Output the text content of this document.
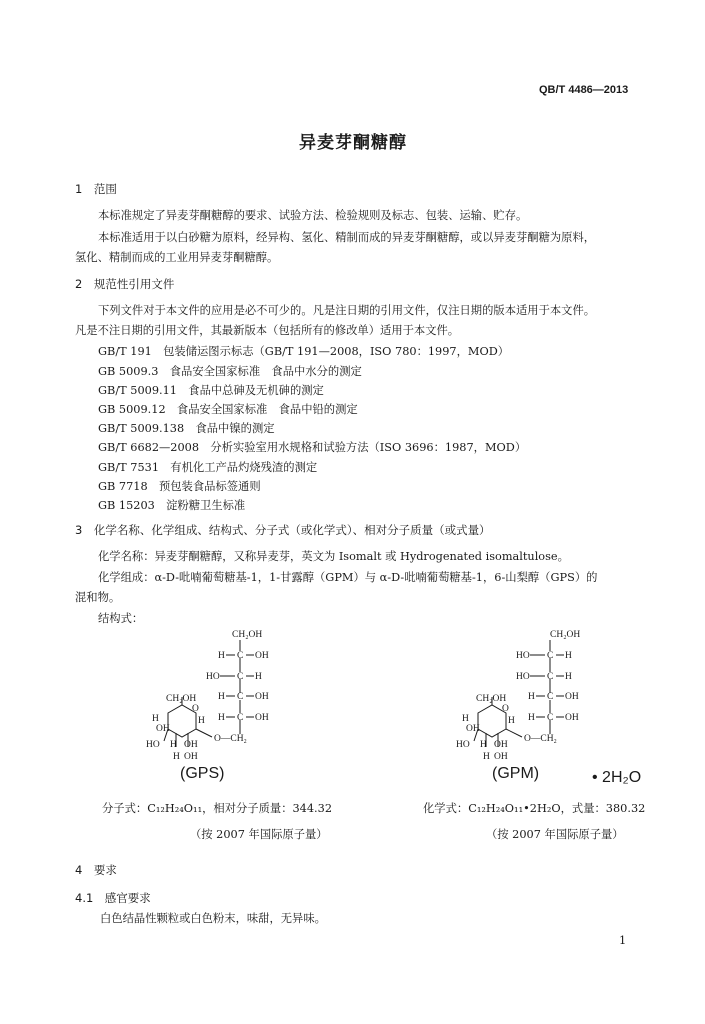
QB/T 4486—2013
异麦芽酮糖醇
1　范围
本标准规定了异麦芽酮糖醇的要求、试验方法、检验规则及标志、包装、运输、贮存。
本标准适用于以白砂糖为原料，经异构、氢化、精制而成的异麦芽酮糖醇，或以异麦芽酮糖为原料，
氢化、精制而成的工业用异麦芽酮糖醇。
2　规范性引用文件
下列文件对于本文件的应用是必不可少的。凡是注日期的引用文件，仅注日期的版本适用于本文件。
凡是不注日期的引用文件，其最新版本（包括所有的修改单）适用于本文件。
GB/T 191　包装储运图示标志（GB/T 191—2008，ISO 780：1997，MOD）
GB 5009.3　食品安全国家标准　食品中水分的测定
GB/T 5009.11　食品中总砷及无机砷的测定
GB 5009.12　食品安全国家标准　食品中铅的测定
GB/T 5009.138　食品中镍的测定
GB/T 6682—2008　分析实验室用水规格和试验方法（ISO 3696：1987，MOD）
GB/T 7531　有机化工产品灼烧残渣的测定
GB 7718　预包装食品标签通则
GB 15203　淀粉糖卫生标准
3　化学名称、化学组成、结构式、分子式（或化学式）、相对分子质量（或式量）
化学名称：异麦芽酮糖醇，又称异麦芽，英文为 Isomalt 或 Hydrogenated isomaltulose。
化学组成：α-D-吡喃葡萄糖基-1，1-甘露醇（GPM）与 α-D-吡喃葡萄糖基-1，6-山梨醇（GPS）的
混和物。
结构式：
CH₂OH
H C OH
HO C H
H C OH
H C OH
CH₂OH
O
H
OH
H
O—CH₂
HO H OH
H OH
(GPS)
CH₂OH
HO C H
HO C H
H C OH
H C OH
CH₂OH
O
H
OH
H
O—CH₂
HO H OH
H OH
(GPM)	• 2H₂O
分子式：C₁₂H₂₄O₁₁，相对分子质量：344.32	化学式：C₁₂H₂₄O₁₁•2H₂O，式量：380.32
（按 2007 年国际原子量）	（按 2007 年国际原子量）
4　要求
4.1　感官要求
白色结晶性颗粒或白色粉末，味甜，无异味。
1
